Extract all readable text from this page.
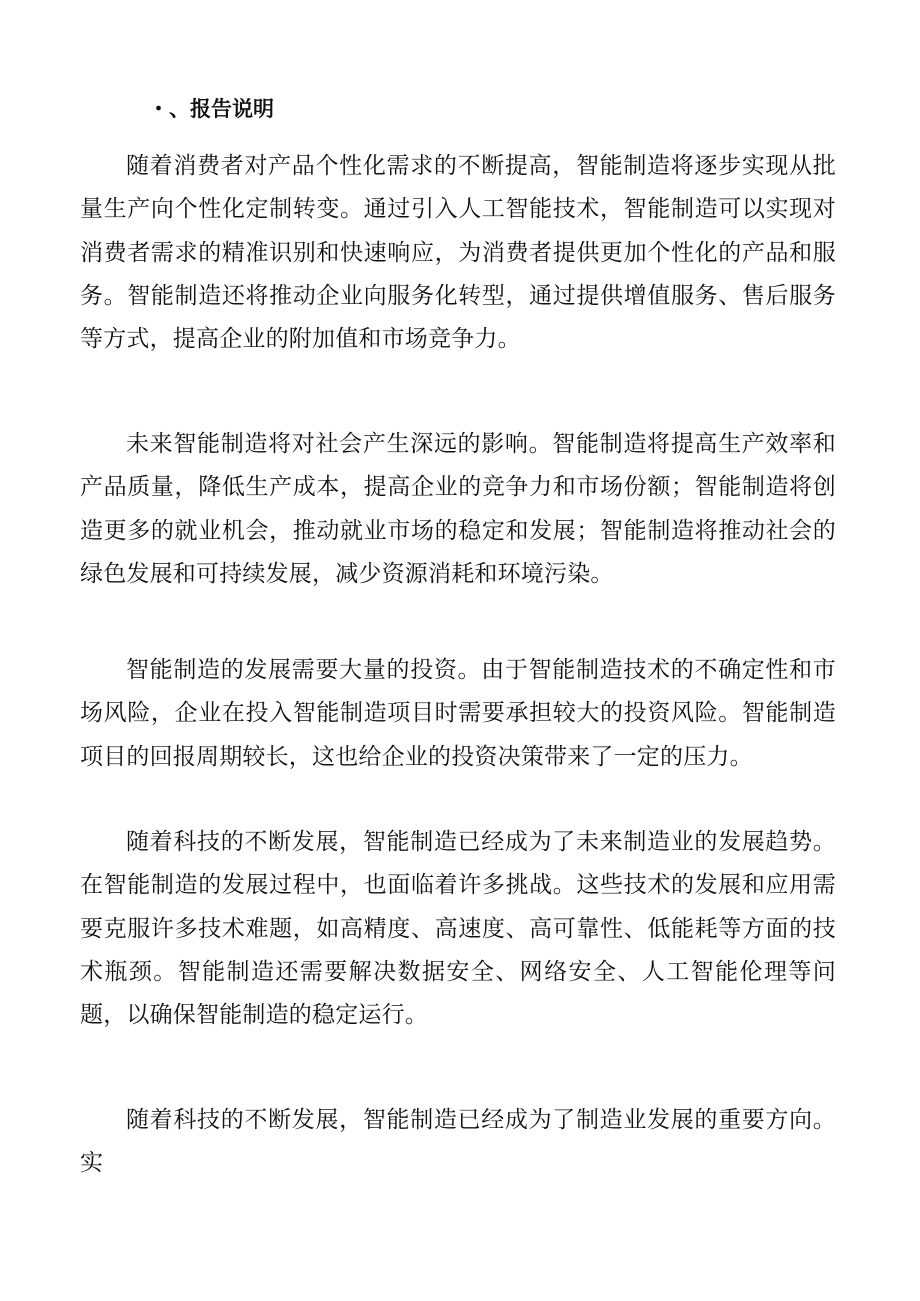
・、报告说明

随着消费者对产品个性化需求的不断提高，智能制造将逐步实现从批量生产向个性化定制转变。通过引入人工智能技术，智能制造可以实现对消费者需求的精准识别和快速响应，为消费者提供更加个性化的产品和服务。智能制造还将推动企业向服务化转型，通过提供增值服务、售后服务等方式，提高企业的附加值和市场竞争力。

未来智能制造将对社会产生深远的影响。智能制造将提高生产效率和产品质量，降低生产成本，提高企业的竞争力和市场份额；智能制造将创造更多的就业机会，推动就业市场的稳定和发展；智能制造将推动社会的绿色发展和可持续发展，减少资源消耗和环境污染。

智能制造的发展需要大量的投资。由于智能制造技术的不确定性和市场风险，企业在投入智能制造项目时需要承担较大的投资风险。智能制造项目的回报周期较长，这也给企业的投资决策带来了一定的压力。

随着科技的不断发展，智能制造已经成为了未来制造业的发展趋势。在智能制造的发展过程中，也面临着许多挑战。这些技术的发展和应用需要克服许多技术难题，如高精度、高速度、高可靠性、低能耗等方面的技术瓶颈。智能制造还需要解决数据安全、网络安全、人工智能伦理等问题，以确保智能制造的稳定运行。

随着科技的不断发展，智能制造已经成为了制造业发展的重要方向。实
